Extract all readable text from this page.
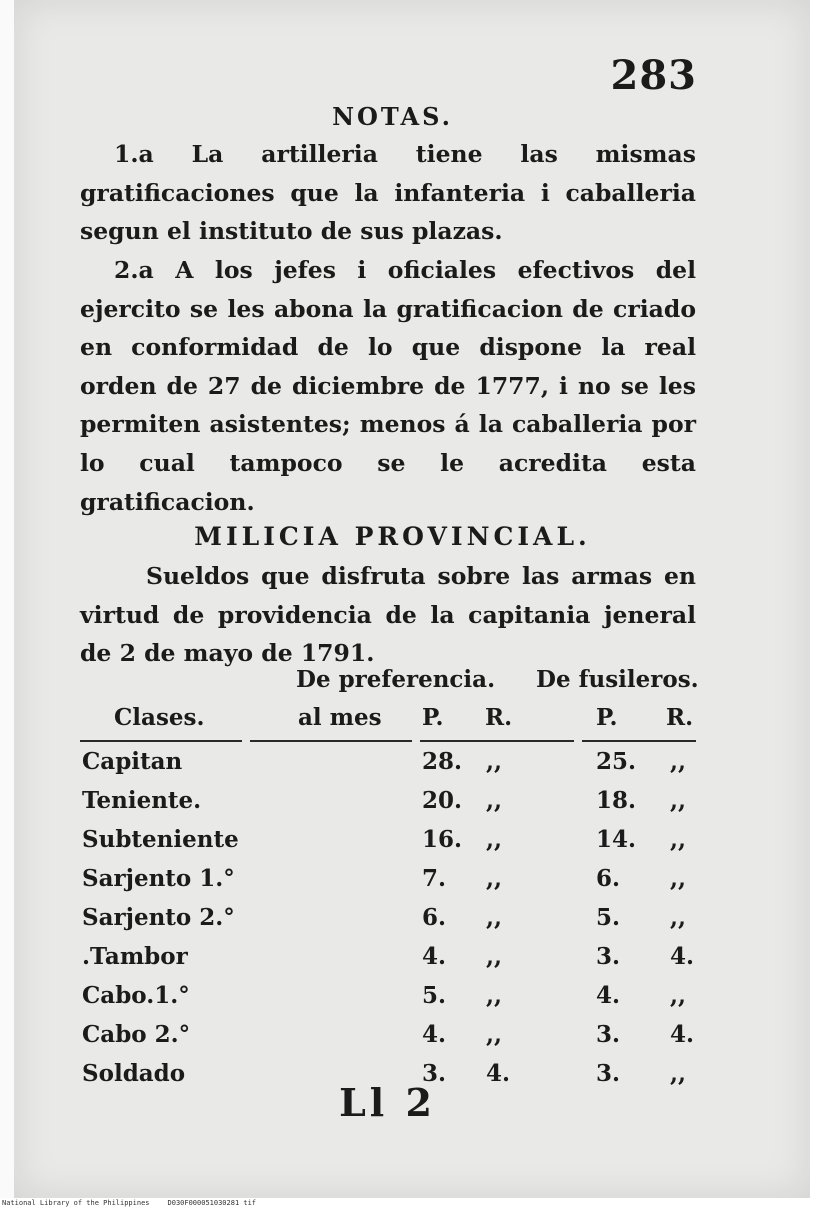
283
NOTAS.
1.a La artilleria tiene las mismas gratificaciones que la infanteria i caballeria segun el instituto de sus plazas.
2.a A los jefes i oficiales efectivos del ejercito se les abona la gratificacion de criado en conformidad de lo que dispone la real orden de 27 de diciembre de 1777, i no se les permiten asistentes; menos á la caballeria por lo cual tampoco se le acredita esta gratificacion.
MILICIA PROVINCIAL.
Sueldos que disfruta sobre las armas en virtud de providencia de la capitania jeneral de 2 de mayo de 1791.
De preferencia. De fusileros.
Clases.	al mes P. R.	P. R.
Capitan	28. ,,	25. ,,
Teniente.	20. ,,	18. ,,
Subteniente	16. ,,	14. ,,
Sarjento 1.°	7. ,,	6. ,,
Sarjento 2.°	6. ,,	5. ,,
.Tambor	4. ,,	3. 4.
Cabo.1.°	5. ,,	4. ,,
Cabo 2.°	4. ,,	3. 4.
Soldado	3. 4.	3. ,,
Ll 2
National Library of the Philippines	D030F000051030281 tif
